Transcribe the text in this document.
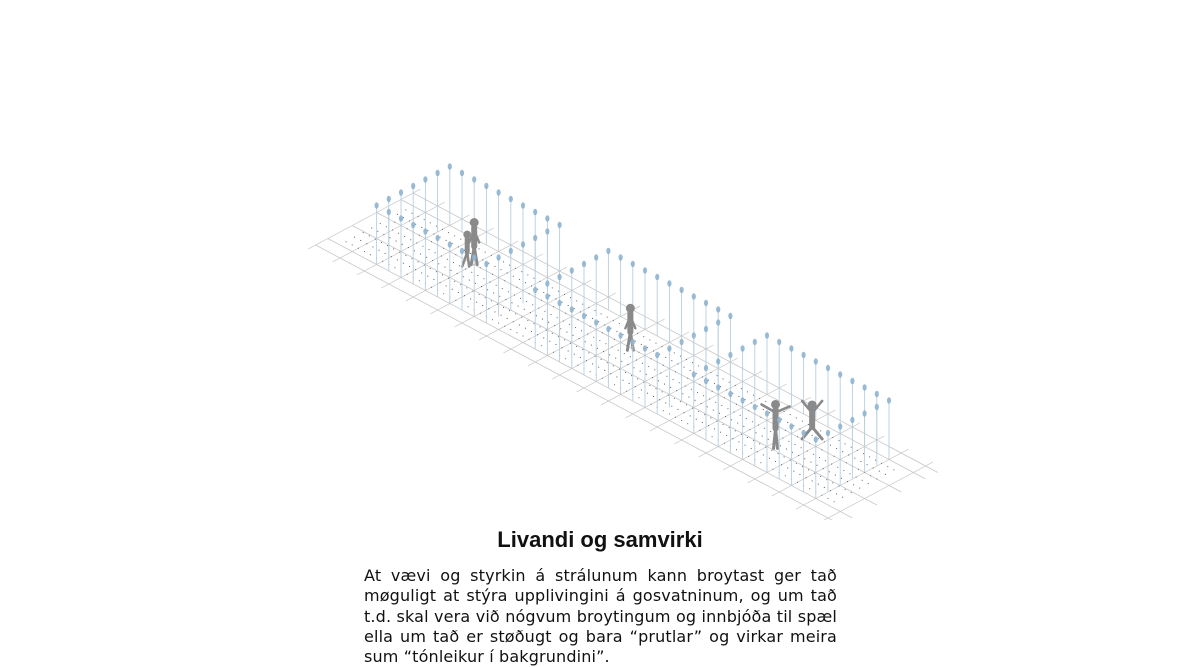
Livandi og samvirki

At vævi og styrkin á strálunum kann broytast ger tað møguligt at stýra upplivingini á gosvatninum, og um tað t.d. skal vera við nógvum broytingum og innbjóða til spæl ella um tað er støðugt og bara “prutlar” og virkar meira sum “tónleikur í bakgrundini”.
